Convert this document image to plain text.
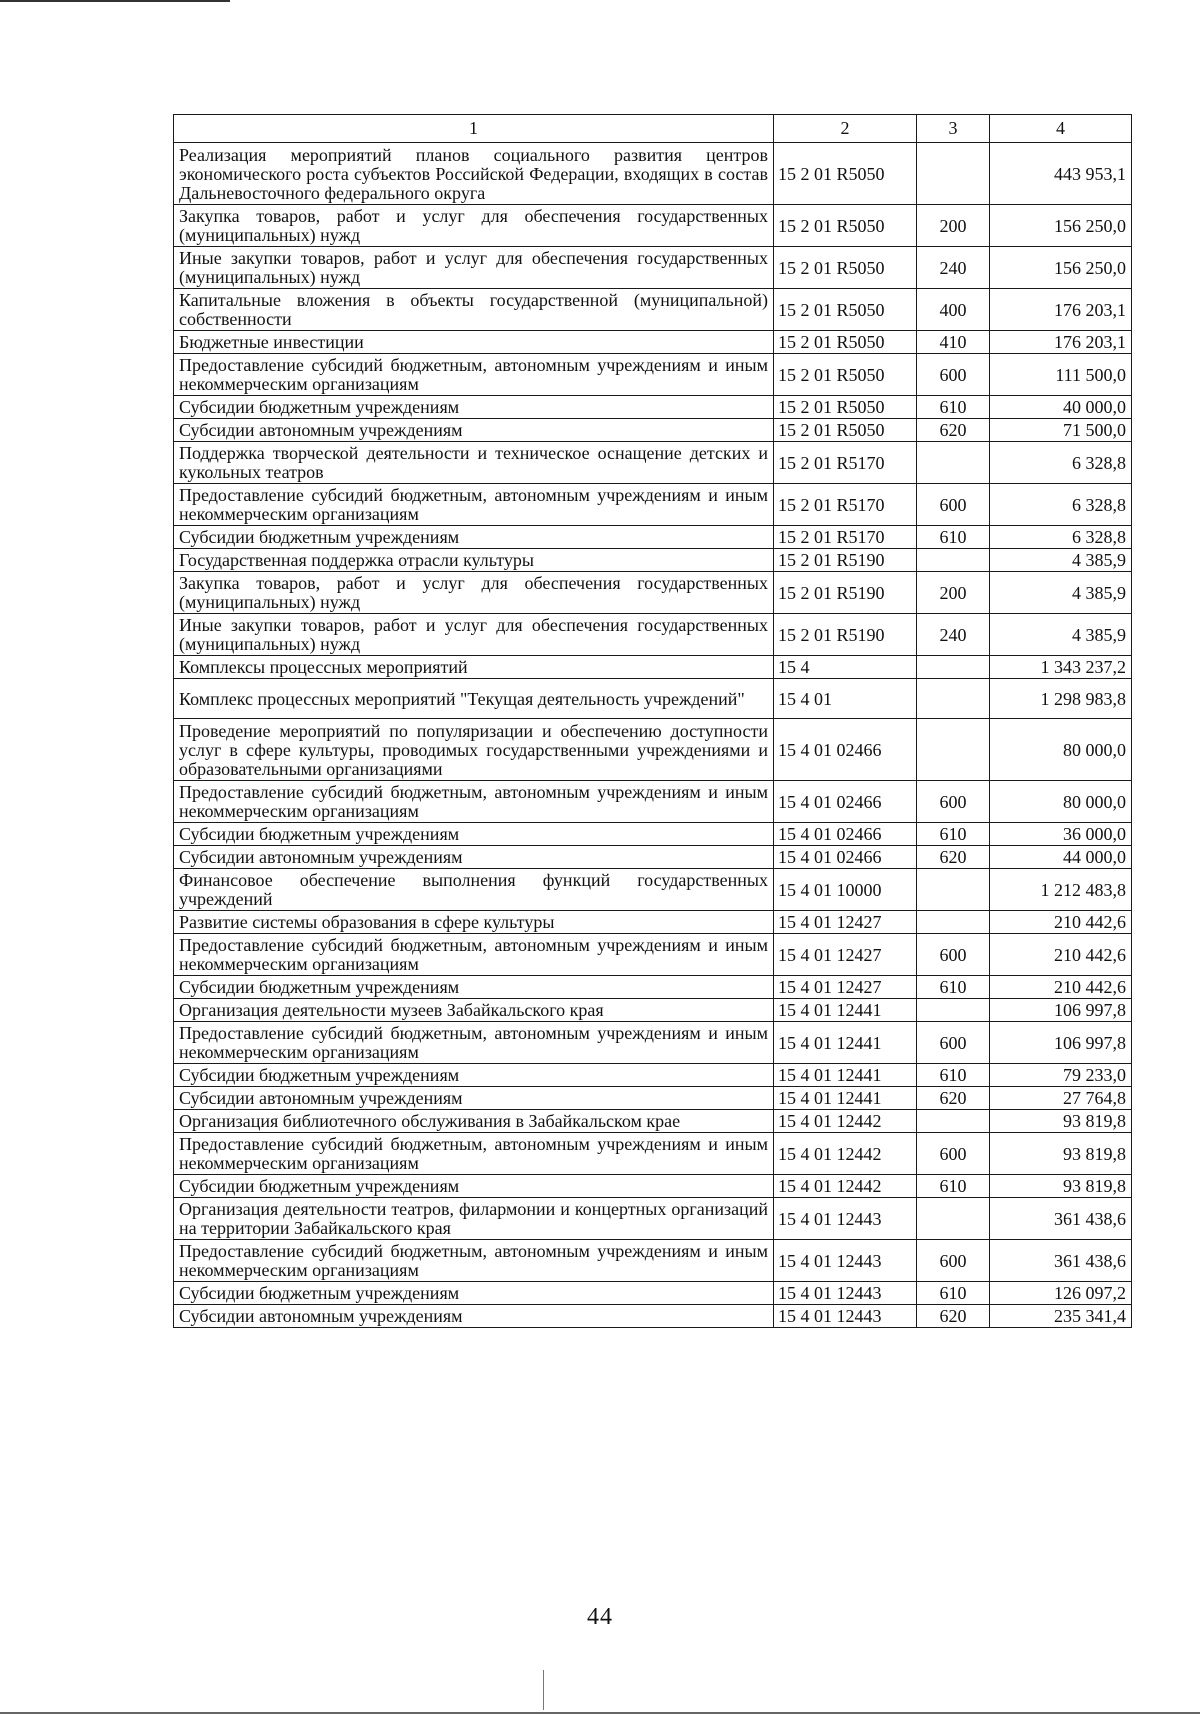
1	2	3	4
Реализация мероприятий планов социального развития центров экономического роста субъектов Российской Федерации, входящих в состав Дальневосточного федерального округа	15 2 01 R5050		443 953,1
Закупка товаров, работ и услуг для обеспечения государственных (муниципальных) нужд	15 2 01 R5050	200	156 250,0
Иные закупки товаров, работ и услуг для обеспечения государственных (муниципальных) нужд	15 2 01 R5050	240	156 250,0
Капитальные вложения в объекты государственной (муниципальной) собственности	15 2 01 R5050	400	176 203,1
Бюджетные инвестиции	15 2 01 R5050	410	176 203,1
Предоставление субсидий бюджетным, автономным учреждениям и иным некоммерческим организациям	15 2 01 R5050	600	111 500,0
Субсидии бюджетным учреждениям	15 2 01 R5050	610	40 000,0
Субсидии автономным учреждениям	15 2 01 R5050	620	71 500,0
Поддержка творческой деятельности и техническое оснащение детских и кукольных театров	15 2 01 R5170		6 328,8
Предоставление субсидий бюджетным, автономным учреждениям и иным некоммерческим организациям	15 2 01 R5170	600	6 328,8
Субсидии бюджетным учреждениям	15 2 01 R5170	610	6 328,8
Государственная поддержка отрасли культуры	15 2 01 R5190		4 385,9
Закупка товаров, работ и услуг для обеспечения государственных (муниципальных) нужд	15 2 01 R5190	200	4 385,9
Иные закупки товаров, работ и услуг для обеспечения государственных (муниципальных) нужд	15 2 01 R5190	240	4 385,9
Комплексы процессных мероприятий	15 4		1 343 237,2
Комплекс процессных мероприятий "Текущая деятельность учреждений"	15 4 01		1 298 983,8
Проведение мероприятий по популяризации и обеспечению доступности услуг в сфере культуры, проводимых государственными учреждениями и образовательными организациями	15 4 01 02466		80 000,0
Предоставление субсидий бюджетным, автономным учреждениям и иным некоммерческим организациям	15 4 01 02466	600	80 000,0
Субсидии бюджетным учреждениям	15 4 01 02466	610	36 000,0
Субсидии автономным учреждениям	15 4 01 02466	620	44 000,0
Финансовое обеспечение выполнения функций государственных учреждений	15 4 01 10000		1 212 483,8
Развитие системы образования в сфере культуры	15 4 01 12427		210 442,6
Предоставление субсидий бюджетным, автономным учреждениям и иным некоммерческим организациям	15 4 01 12427	600	210 442,6
Субсидии бюджетным учреждениям	15 4 01 12427	610	210 442,6
Организация деятельности музеев Забайкальского края	15 4 01 12441		106 997,8
Предоставление субсидий бюджетным, автономным учреждениям и иным некоммерческим организациям	15 4 01 12441	600	106 997,8
Субсидии бюджетным учреждениям	15 4 01 12441	610	79 233,0
Субсидии автономным учреждениям	15 4 01 12441	620	27 764,8
Организация библиотечного обслуживания в Забайкальском крае	15 4 01 12442		93 819,8
Предоставление субсидий бюджетным, автономным учреждениям и иным некоммерческим организациям	15 4 01 12442	600	93 819,8
Субсидии бюджетным учреждениям	15 4 01 12442	610	93 819,8
Организация деятельности театров, филармонии и концертных организаций на территории Забайкальского края	15 4 01 12443		361 438,6
Предоставление субсидий бюджетным, автономным учреждениям и иным некоммерческим организациям	15 4 01 12443	600	361 438,6
Субсидии бюджетным учреждениям	15 4 01 12443	610	126 097,2
Субсидии автономным учреждениям	15 4 01 12443	620	235 341,4
44
